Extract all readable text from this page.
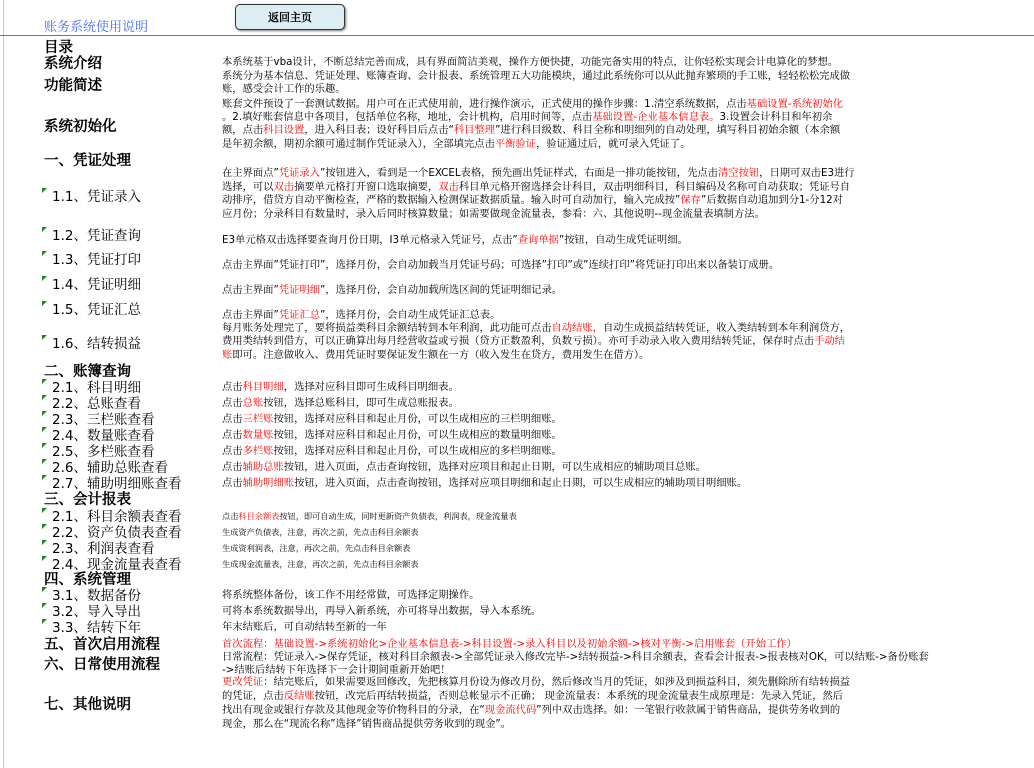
账务系统使用说明
返回主页
目录
系统介绍
功能简述
系统初始化
一、凭证处理
1.1、凭证录入
1.2、凭证查询
1.3、凭证打印
1.4、凭证明细
1.5、凭证汇总
1.6、结转损益
二、账簿查询
2.1、科目明细
2.2、总账查看
2.3、三栏账查看
2.4、数量账查看
2.5、多栏账查看
2.6、辅助总账查看
2.7、辅助明细账查看
三、会计报表
2.1、科目余额表查看
2.2、资产负债表查看
2.3、利润表查看
2.4、现金流量表查看
四、系统管理
3.1、数据备份
3.2、导入导出
3.3、结转下年
五、首次启用流程
六、日常使用流程
七、其他说明
本系统基于vba设计，不断总结完善而成，具有界面简洁美观，操作方便快捷，功能完备实用的特点，让你轻松实现会计电算化的梦想。
系统分为基本信息、凭证处理、账簿查询、会计报表、系统管理五大功能模块，通过此系统你可以从此抛弃繁琐的手工账，轻轻松松完成做
账，感受会计工作的乐趣。
账套文件预设了一套测试数据。用户可在正式使用前，进行操作演示，正式使用的操作步骤：1.清空系统数据，点击基础设置-系统初始化
。2.填好账套信息中各项目，包括单位名称，地址，会计机构，启用时间等，点击基础设置-企业基本信息表。3.设置会计科目和年初余
额，点击科目设置，进入科目表；设好科目后点击“科目整理”进行科目级数、科目全称和明细列的自动处理，填写科目初始余额（本余额
是年初余额，期初余额可通过制作凭证录入），全部填完点击平衡验证，验证通过后，就可录入凭证了。
在主界面点”凭证录入”按钮进入，看到是一个EXCEL表格，预先画出凭证样式，右面是一排功能按钮，先点击清空按钮，日期可双击E3进行
选择，可以双击摘要单元格打开窗口选取摘要，双击科目单元格开窗选择会计科目，双击明细科目，科目编码及名称可自动获取；凭证号自
动排序，借贷方自动平衡检查，严格的数据输入检测保证数据质量。输入时可自动加行，输入完成按”保存”后数据自动追加到分1-分12对
应月份；分录科目有数量时，录入后同时核算数量；如需要做现金流量表，参看：六、其他说明--现金流量表填制方法。
E3单元格双击选择要查询月份日期，I3单元格录入凭证号，点击”查询单据”按钮，自动生成凭证明细。
点击主界面”凭证打印”，选择月份，会自动加载当月凭证号码；可选择”打印”或”连续打印”将凭证打印出来以备装订成册。
点击主界面”凭证明细”，选择月份，会自动加载所选区间的凭证明细记录。
点击主界面”凭证汇总”，选择月份，会自动生成凭证汇总表。
每月账务处理完了，要将损益类科目余额结转到本年利润，此功能可点击自动结账，自动生成损益结转凭证，收入类结转到本年利润贷方，
费用类结转到借方，可以正确算出每月经营收益或亏损（贷方正数盈利，负数亏损）。亦可手动录入收入费用结转凭证，保存时点击手动结
账即可。注意做收入、费用凭证时要保证发生额在一方（收入发生在贷方，费用发生在借方）。
点击科目明细，选择对应科目即可生成科目明细表。
点击总账按钮，选择总账科目，即可生成总账报表。
点击三栏账按钮，选择对应科目和起止月份，可以生成相应的三栏明细账。
点击数量账按钮，选择对应科目和起止月份，可以生成相应的数量明细账。
点击多栏账按钮，选择对应科目和起止月份，可以生成相应的多栏明细账。
点击辅助总账按钮，进入页面，点击查询按钮，选择对应项目和起止日期，可以生成相应的辅助项目总账。
点击辅助明细账按钮，进入页面，点击查询按钮，选择对应项目明细和起止日期，可以生成相应的辅助项目明细账。
点击科目余额表按钮，即可自动生成，同时更新资产负债表，利润表，现金流量表
生成资产负债表，注意，再次之前，先点击科目余额表
生成资利润表，注意，再次之前，先点击科目余额表
生成现金流量表，注意，再次之前，先点击科目余额表
将系统整体备份，该工作不用经常做，可选择定期操作。
可将本系统数据导出，再导入新系统，亦可将导出数据，导入本系统。
年末结账后，可自动结转至新的一年
首次流程：基础设置->系统初始化>企业基本信息表->科目设置->录入科目以及初始余额->核对平衡->启用账套（开始工作）
日常流程：凭证录入->保存凭证，核对科目余额表->全部凭证录入修改完毕->结转损益->科目余额表，查看会计报表->报表核对OK，可以结账->备份账套
->结账后结转下年选择下一会计期间重新开始吧！
更改凭证：结完账后，如果需要返回修改，先把核算月份设为修改月份，然后修改当月的凭证，如涉及到损益科目，须先删除所有结转损益
的凭证，点击反结账按钮，改完后再结转损益，否则总帐显示不正确； 现金流量表：本系统的现金流量表生成原理是：先录入凭证，然后
找出有现金或银行存款及其他现金等价物科目的分录，在“现金流代码”列中双击选择。如：一笔银行收款属于销售商品，提供劳务收到的
现金，那么在“现流名称”选择”销售商品提供劳务收到的现金”。
